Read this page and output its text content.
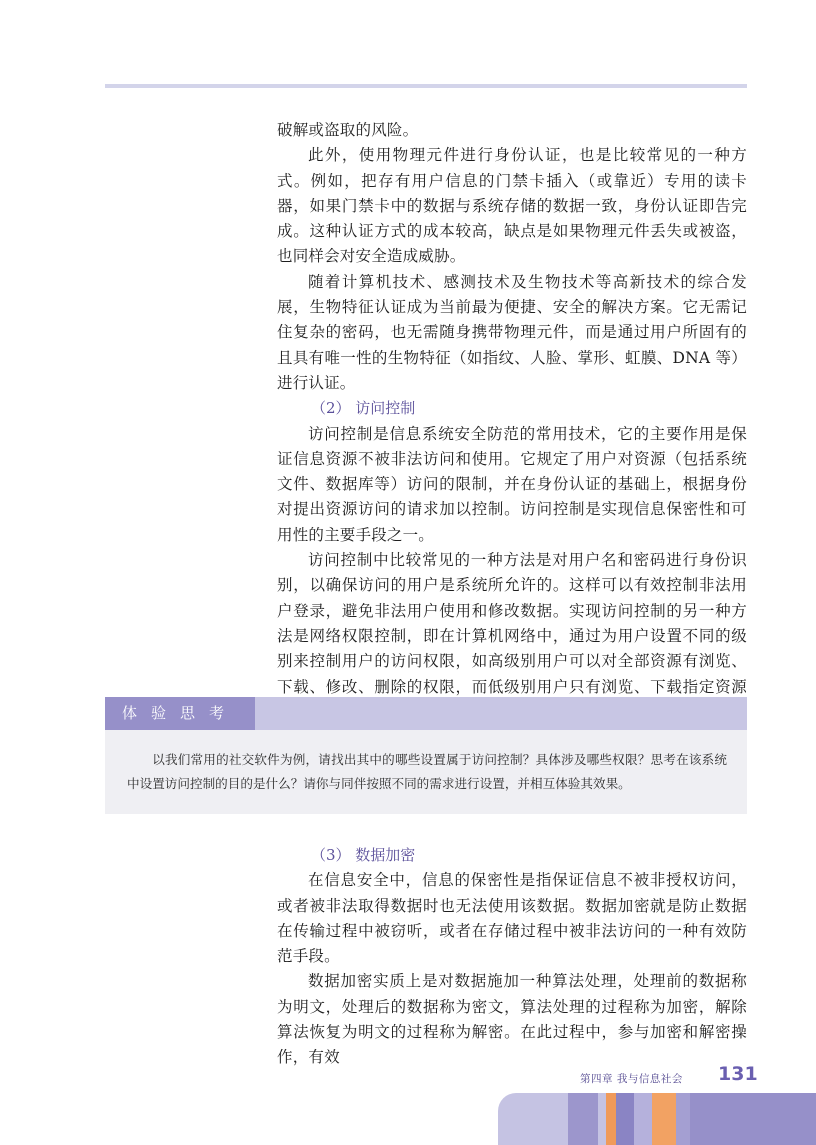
破解或盗取的风险。

此外，使用物理元件进行身份认证，也是比较常见的一种方式。例如，把存有用户信息的门禁卡插入（或靠近）专用的读卡器，如果门禁卡中的数据与系统存储的数据一致，身份认证即告完成。这种认证方式的成本较高，缺点是如果物理元件丢失或被盗，也同样会对安全造成威胁。

随着计算机技术、感测技术及生物技术等高新技术的综合发展，生物特征认证成为当前最为便捷、安全的解决方案。它无需记住复杂的密码，也无需随身携带物理元件，而是通过用户所固有的且具有唯一性的生物特征（如指纹、人脸、掌形、虹膜、DNA 等）进行认证。

（2） 访问控制

访问控制是信息系统安全防范的常用技术，它的主要作用是保证信息资源不被非法访问和使用。它规定了用户对资源（包括系统文件、数据库等）访问的限制，并在身份认证的基础上，根据身份对提出资源访问的请求加以控制。访问控制是实现信息保密性和可用性的主要手段之一。

访问控制中比较常见的一种方法是对用户名和密码进行身份识别，以确保访问的用户是系统所允许的。这样可以有效控制非法用户登录，避免非法用户使用和修改数据。实现访问控制的另一种方法是网络权限控制，即在计算机网络中，通过为用户设置不同的级别来控制用户的访问权限，如高级别用户可以对全部资源有浏览、下载、修改、删除的权限，而低级别用户只有浏览、下载指定资源

体验思考

以我们常用的社交软件为例，请找出其中的哪些设置属于访问控制？具体涉及哪些权限？思考在该系统中设置访问控制的目的是什么？请你与同伴按照不同的需求进行设置，并相互体验其效果。

（3） 数据加密

在信息安全中，信息的保密性是指保证信息不被非授权访问，或者被非法取得数据时也无法使用该数据。数据加密就是防止数据在传输过程中被窃听，或者在存储过程中被非法访问的一种有效防范手段。

数据加密实质上是对数据施加一种算法处理，处理前的数据称为明文，处理后的数据称为密文，算法处理的过程称为加密，解除算法恢复为明文的过程称为解密。在此过程中，参与加密和解密操作，有效

第四章 我与信息社会 131
